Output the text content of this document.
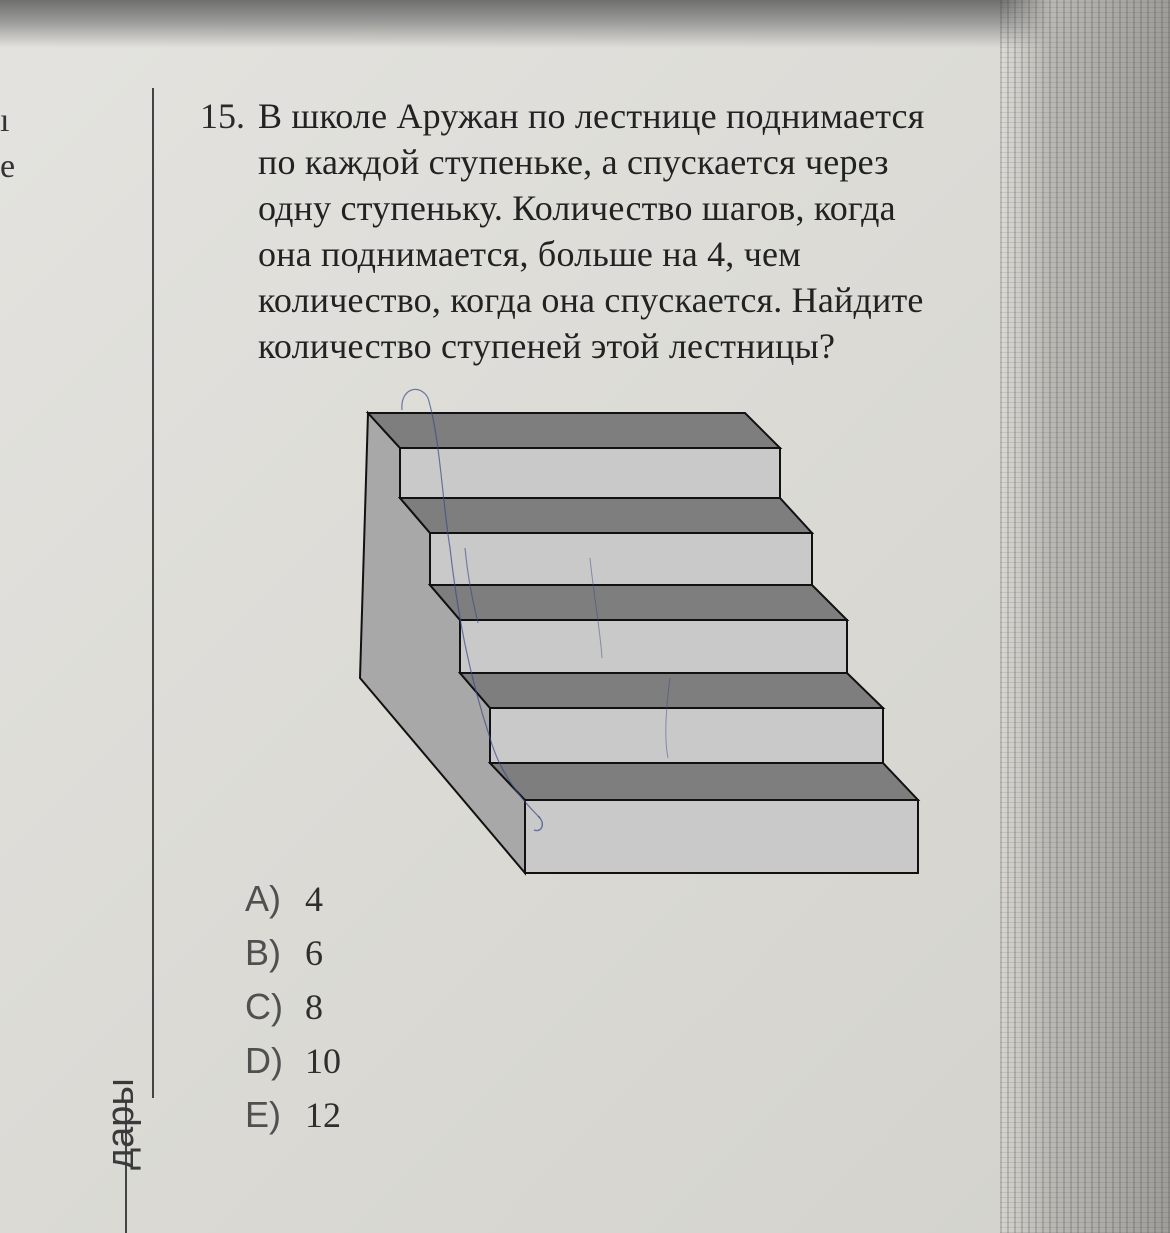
ı
e
дары
15. В школе Аружан по лестнице поднимается
по каждой ступеньке, а спускается через
одну ступеньку. Количество шагов, когда
она поднимается, больше на 4, чем
количество, когда она спускается. Найдите
количество ступеней этой лестницы?
A) 4
B) 6
C) 8
D) 10
E) 12
